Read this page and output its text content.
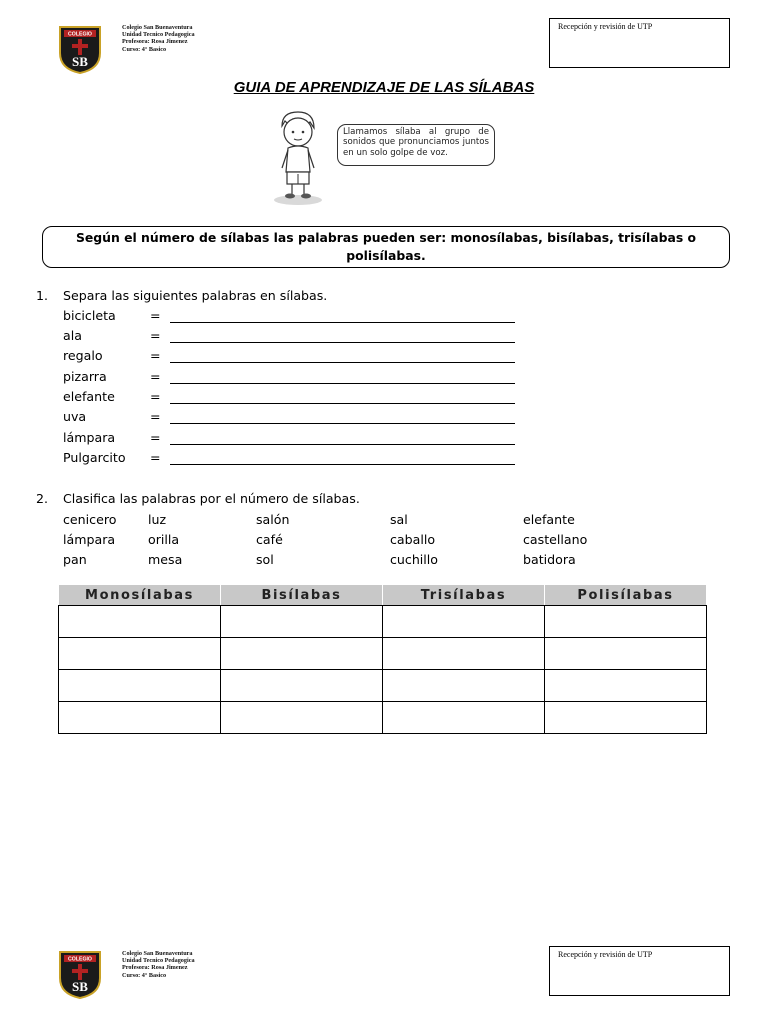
COLEGIO
SB
Colegio San Buenaventura
Unidad Tecnico Pedagogica
Profesora: Rosa Jimenez
Curso: 4° Basico
Recepción y revisión de UTP
GUIA DE APRENDIZAJE DE LAS SÍLABAS
Llamamos sílaba al grupo de sonidos que pronunciamos juntos en un solo golpe de voz.
Según el número de sílabas las palabras pueden ser: monosílabas, bisílabas, trisílabas o polisílabas.
1. Separa las siguientes palabras en sílabas.
bicicleta	=
ala	=
regalo	=
pizarra	=
elefante	=
uva	=
lámpara	=
Pulgarcito =
2. Clasifica las palabras por el número de sílabas.
cenicero	luz	salón	sal	elefante
lámpara	orilla	café	caballo	castellano
pan	mesa	sol	cuchillo	batidora
Monosílabas	Bisílabas	Trisílabas	Polisílabas

COLEGIO
SB
Colegio San Buenaventura
Unidad Tecnico Pedagogica
Profesora: Rosa Jimenez
Curso: 4° Basico
Recepción y revisión de UTP
